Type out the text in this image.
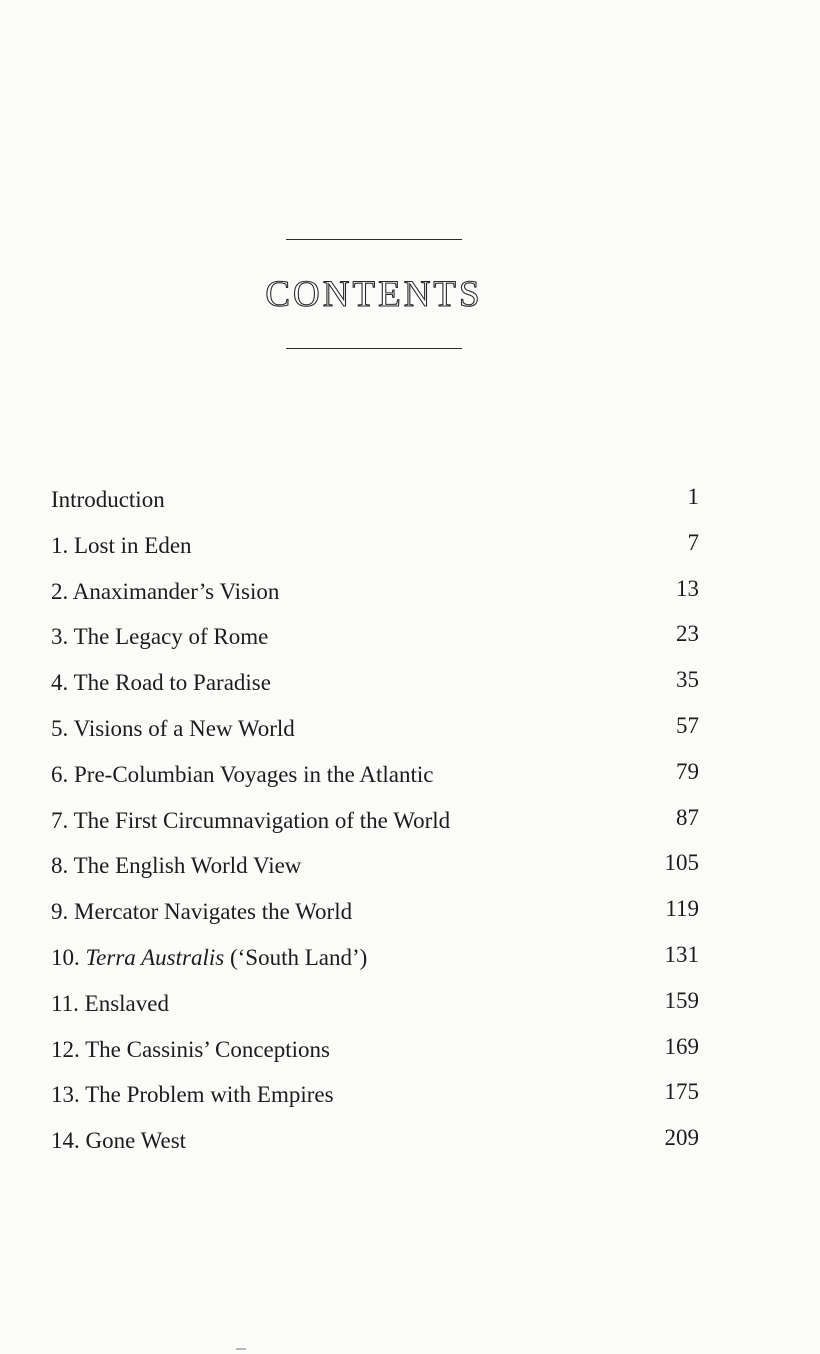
CONTENTS
Introduction	1
1. Lost in Eden	7
2. Anaximander’s Vision	13
3. The Legacy of Rome	23
4. The Road to Paradise	35
5. Visions of a New World	57
6. Pre-Columbian Voyages in the Atlantic	79
7. The First Circumnavigation of the World	87
8. The English World View	105
9. Mercator Navigates the World	119
10. Terra Australis (‘South Land’)	131
11. Enslaved	159
12. The Cassinis’ Conceptions	169
13. The Problem with Empires	175
14. Gone West	209
